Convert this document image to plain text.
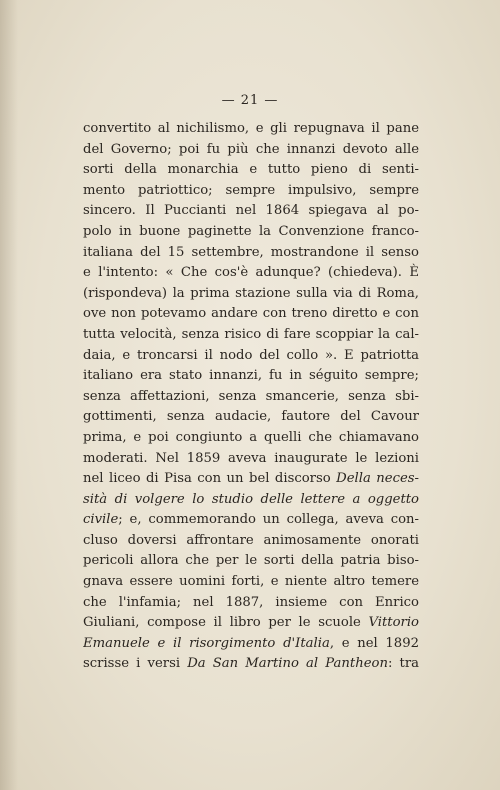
— 21 —
convertito al nichilismo, e gli repugnava il pane
del Governo; poi fu più che innanzi devoto alle
sorti della monarchia e tutto pieno di senti-
mento patriottico; sempre impulsivo, sempre
sincero. Il Puccianti nel 1864 spiegava al po-
polo in buone paginette la Convenzione franco-
italiana del 15 settembre, mostrandone il senso
e l'intento: « Che cos'è adunque? (chiedeva). È
(rispondeva) la prima stazione sulla via di Roma,
ove non potevamo andare con treno diretto e con
tutta velocità, senza risico di fare scoppiar la cal-
daia, e troncarsi il nodo del collo ». E patriotta
italiano era stato innanzi, fu in séguito sempre;
senza affettazioni, senza smancerie, senza sbi-
gottimenti, senza audacie, fautore del Cavour
prima, e poi congiunto a quelli che chiamavano
moderati. Nel 1859 aveva inaugurate le lezioni
nel liceo di Pisa con un bel discorso Della neces-
sità di volgere lo studio delle lettere a oggetto
civile; e, commemorando un collega, aveva con-
cluso doversi affrontare animosamente onorati
pericoli allora che per le sorti della patria biso-
gnava essere uomini forti, e niente altro temere
che l'infamia; nel 1887, insieme con Enrico
Giuliani, compose il libro per le scuole Vittorio
Emanuele e il risorgimento d'Italia, e nel 1892
scrisse i versi Da San Martino al Pantheon: tra
